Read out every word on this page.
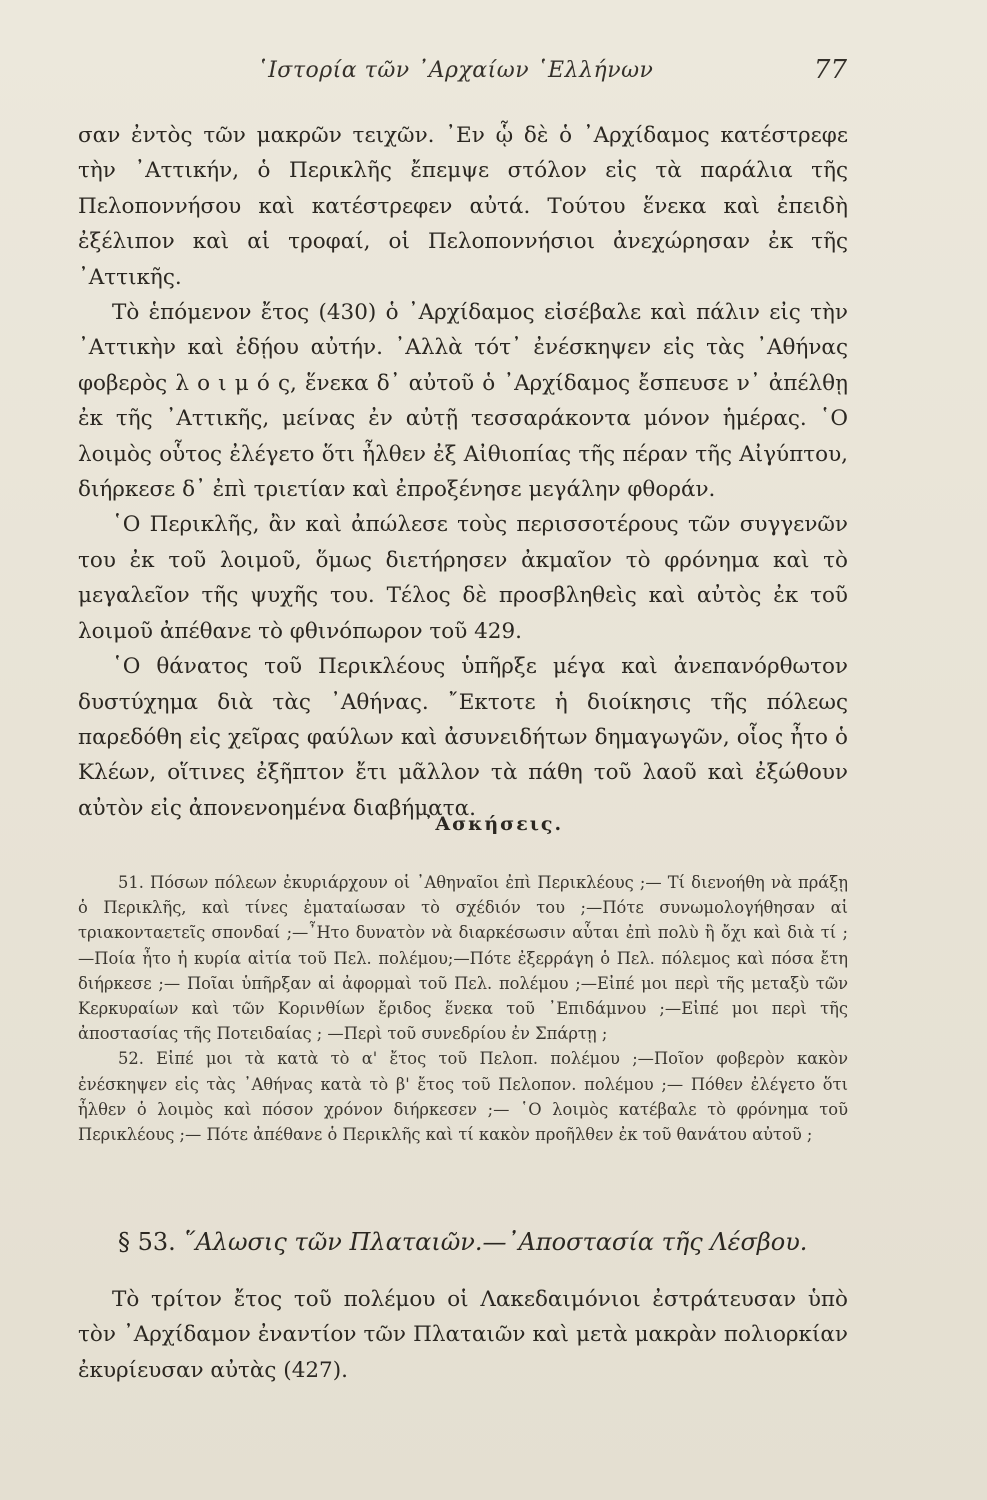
῾Ιστορία τῶν ᾿Αρχαίων ῾Ελλήνων	77

σαν ἐντὸς τῶν μακρῶν τειχῶν. ᾿Εν ᾧ δὲ ὁ ᾿Αρχίδαμος κατέστρεφε τὴν ᾿Αττικήν, ὁ Περικλῆς ἔπεμψε στόλον εἰς τὰ παράλια τῆς Πελοποννήσου καὶ κατέστρεφεν αὐτά. Τούτου ἕνεκα καὶ ἐπειδὴ ἐξέλιπον καὶ αἱ τροφαί, οἱ Πελοποννήσιοι ἀνεχώρησαν ἐκ τῆς ᾿Αττικῆς.

Τὸ ἑπόμενον ἔτος (430) ὁ ᾿Αρχίδαμος εἰσέβαλε καὶ πάλιν εἰς τὴν ᾿Αττικὴν καὶ ἐδῄου αὐτήν. ᾿Αλλὰ τότ᾿ ἐνέσκηψεν εἰς τὰς ᾿Αθήνας φοβερὸς λ ο ι μ ό ς, ἕνεκα δ᾿ αὐτοῦ ὁ ᾿Αρχίδαμος ἔσπευσε ν᾿ ἀπέλθῃ ἐκ τῆς ᾿Αττικῆς, μείνας ἐν αὐτῇ τεσσαράκοντα μόνον ἡμέρας. ῾Ο λοιμὸς οὗτος ἐλέγετο ὅτι ἦλθεν ἐξ Αἰθιοπίας τῆς πέραν τῆς Αἰγύπτου, διήρκεσε δ᾿ ἐπὶ τριετίαν καὶ ἐπροξένησε μεγάλην φθοράν.

῾Ο Περικλῆς, ἂν καὶ ἀπώλεσε τοὺς περισσοτέρους τῶν συγγενῶν του ἐκ τοῦ λοιμοῦ, ὅμως διετήρησεν ἀκμαῖον τὸ φρόνημα καὶ τὸ μεγαλεῖον τῆς ψυχῆς του. Τέλος δὲ προσβληθεὶς καὶ αὐτὸς ἐκ τοῦ λοιμοῦ ἀπέθανε τὸ φθινόπωρον τοῦ 429.

῾Ο θάνατος τοῦ Περικλέους ὑπῆρξε μέγα καὶ ἀνεπανόρθωτον δυστύχημα διὰ τὰς ᾿Αθήνας. ῎Εκτοτε ἡ διοίκησις τῆς πόλεως παρεδόθη εἰς χεῖρας φαύλων καὶ ἀσυνειδήτων δημαγωγῶν, οἷος ἦτο ὁ Κλέων, οἵτινες ἐξῆπτον ἔτι μᾶλλον τὰ πάθη τοῦ λαοῦ καὶ ἐξώθουν αὐτὸν εἰς ἀπονενοημένα διαβήματα.

᾿Ασκήσεις.

51. Πόσων πόλεων ἐκυριάρχουν οἱ ᾿Αθηναῖοι ἐπὶ Περικλέους ;— Τί διενοήθη νὰ πράξῃ ὁ Περικλῆς, καὶ τίνες ἐματαίωσαν τὸ σχέδιόν του ;—Πότε συνωμολογήθησαν αἱ τριακονταετεῖς σπονδαί ;—῏Ητο δυνατὸν νὰ διαρκέσωσιν αὗται ἐπὶ πολὺ ἢ ὄχι καὶ διὰ τί ;—Ποία ἦτο ἡ κυρία αἰτία τοῦ Πελ. πολέμου;—Πότε ἐξερράγη ὁ Πελ. πόλεμος καὶ πόσα ἔτη διήρκεσε ;— Ποῖαι ὑπῆρξαν αἱ ἀφορμαὶ τοῦ Πελ. πολέμου ;—Εἰπέ μοι περὶ τῆς μεταξὺ τῶν Κερκυραίων καὶ τῶν Κορινθίων ἔριδος ἕνεκα τοῦ ᾿Επιδάμνου ;—Εἰπέ μοι περὶ τῆς ἀποστασίας τῆς Ποτειδαίας ; —Περὶ τοῦ συνεδρίου ἐν Σπάρτῃ ;

52. Εἰπέ μοι τὰ κατὰ τὸ α' ἔτος τοῦ Πελοπ. πολέμου ;—Ποῖον φοβερὸν κακὸν ἐνέσκηψεν εἰς τὰς ᾿Αθήνας κατὰ τὸ β' ἔτος τοῦ Πελοπον. πολέμου ;— Πόθεν ἐλέγετο ὅτι ἦλθεν ὁ λοιμὸς καὶ πόσον χρόνον διήρκεσεν ;— ῾Ο λοιμὸς κατέβαλε τὸ φρόνημα τοῦ Περικλέους ;— Πότε ἀπέθανε ὁ Περικλῆς καὶ τί κακὸν προῆλθεν ἐκ τοῦ θανάτου αὐτοῦ ;

§ 53. ῞Αλωσις τῶν Πλαταιῶν.—᾿Αποστασία τῆς Λέσβου.

Τὸ τρίτον ἔτος τοῦ πολέμου οἱ Λακεδαιμόνιοι ἐστράτευσαν ὑπὸ τὸν ᾿Αρχίδαμον ἐναντίον τῶν Πλαταιῶν καὶ μετὰ μακρὰν πολιορκίαν ἐκυρίευσαν αὐτὰς (427).
